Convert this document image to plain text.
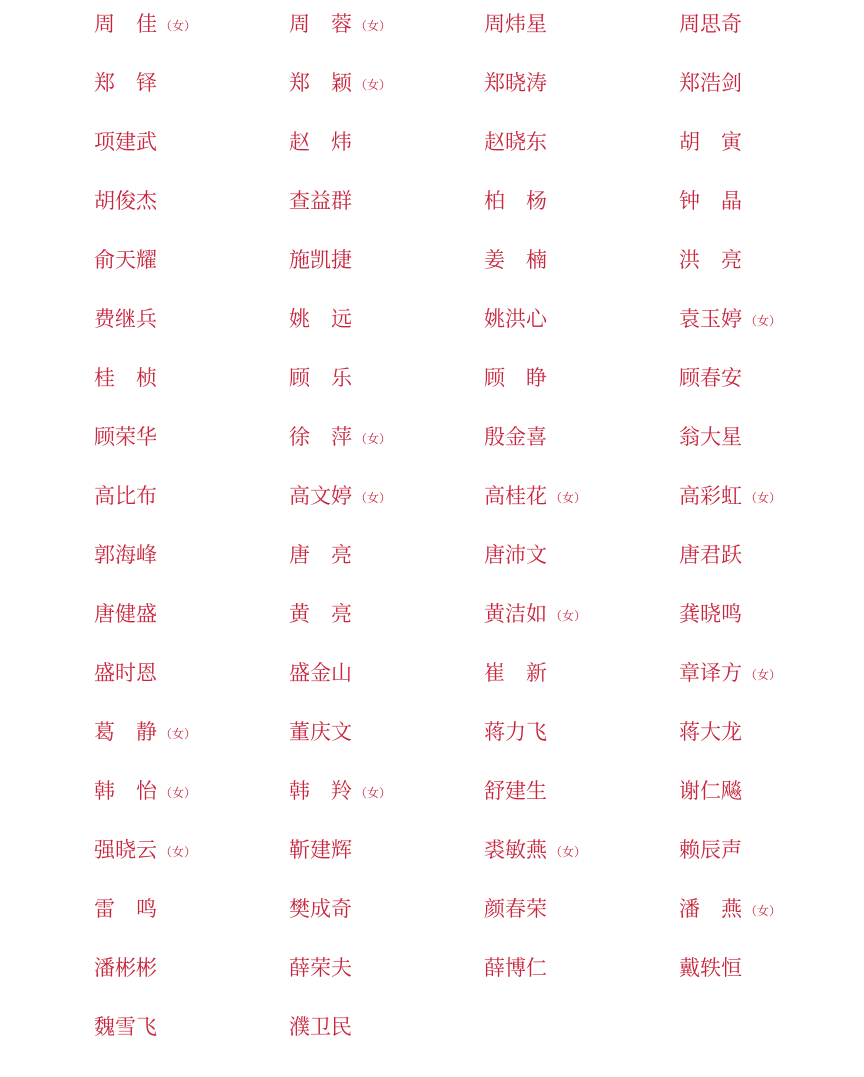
周　佳 （女）	周　蓉 （女）	周炜星	周思奇
郑　铎	郑　颖 （女）	郑晓涛	郑浩剑
项建武	赵　炜	赵晓东	胡　寅
胡俊杰	查益群	柏　杨	钟　晶
俞天耀	施凯捷	姜　楠	洪　亮
费继兵	姚　远	姚洪心	袁玉婷 （女）
桂　桢	顾　乐	顾　睁	顾春安
顾荣华	徐　萍 （女）	殷金喜	翁大星
高比布	高文婷 （女）	高桂花 （女）	高彩虹 （女）
郭海峰	唐　亮	唐沛文	唐君跃
唐健盛	黄　亮	黄洁如 （女）	龚晓鸣
盛时恩	盛金山	崔　新	章译方 （女）
葛　静 （女）	董庆文	蒋力飞	蒋大龙
韩　怡 （女）	韩　羚 （女）	舒建生	谢仁飚
强晓云 （女）	靳建辉	裘敏燕 （女）	赖辰声
雷　鸣	樊成奇	颜春荣	潘　燕 （女）
潘彬彬	薛荣夫	薛博仁	戴轶恒
魏雪飞	濮卫民
